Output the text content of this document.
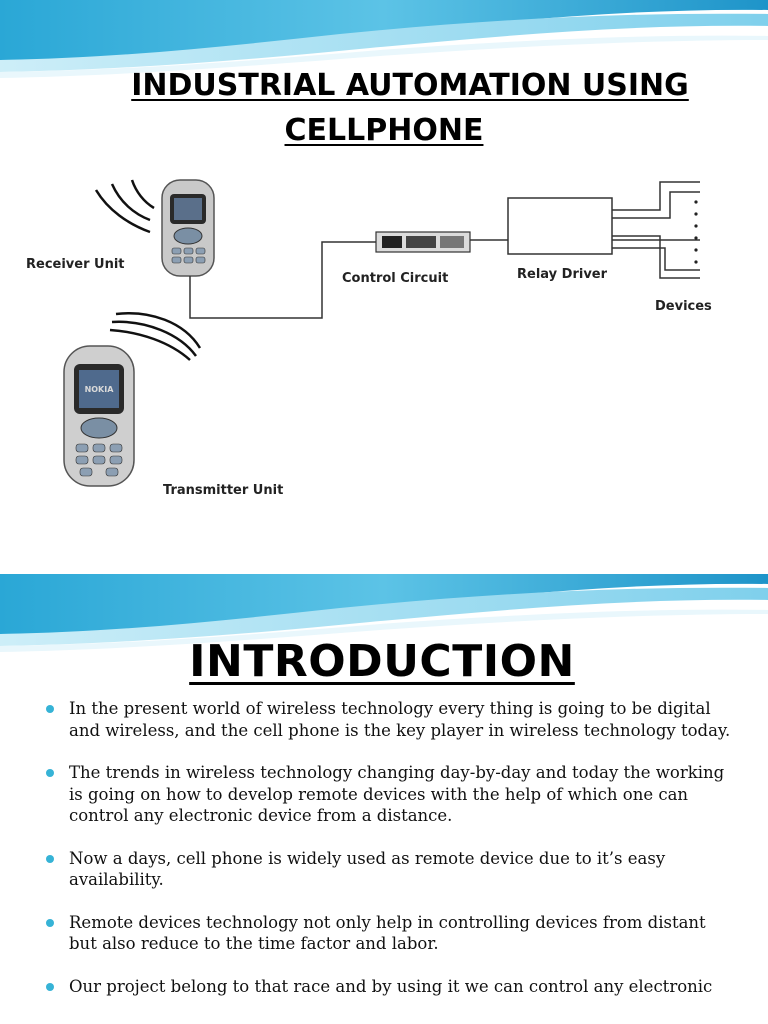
INDUSTRIAL AUTOMATION USING
CELLPHONE
NOKIA
Receiver Unit
Control Circuit	Relay Driver
Devices
Transmitter Unit
INTRODUCTION
In the present world of wireless technology every thing is going to be digital and wireless, and the cell phone is the key player in wireless technology today.
The trends in wireless technology changing day-by-day and today the working is going on how to develop remote devices with the help of which one can control any electronic device from a distance.
Now a days, cell phone is widely used as remote device due to it’s easy availability.
Remote devices technology not only help in controlling devices from distant but also reduce to the time factor and labor.
Our project belong to that race and by using it we can control any electronic
